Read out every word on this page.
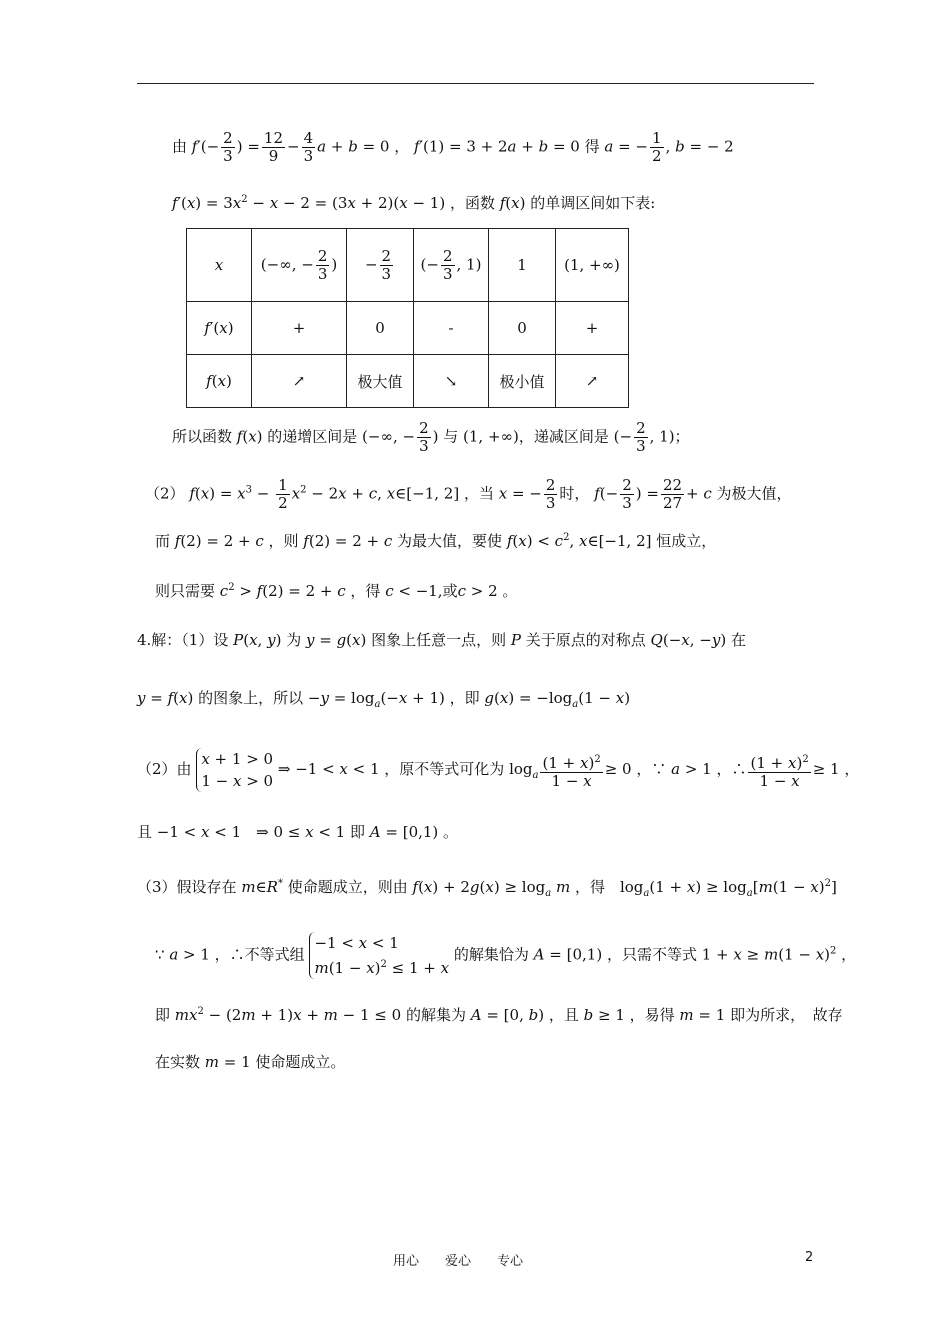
由 $f'(- \frac{2}{3}$ ) = $\frac{12}{9} - \frac{4}{3}$ a + b = 0 ， f′(1) = 3 + 2a + b = 0 得 a = − $\frac{1}{2}$ , b = − 2
$f'(x) = 3x^2 - x - 2 = (3x + 2)(x - 1)$ ，函数 f(x) 的单调区间如下表:
x	(−∞, − $\frac{2}{3}$ )	− $\frac{2}{3}$	(− $\frac{2}{3}$ , 1)	1	(1, +∞)
f′(x)	+	0	-	0	+
f(x)	↗	极大值	↘	极小值	↗
所以函数 f(x) 的递增区间是 (−∞, − $\frac{2}{3}$ ) 与 (1, +∞)，递减区间是 (− $\frac{2}{3}$ , 1)；
（2） $f(x) = x^3 - \frac{1}{2} x^2 - 2x + c$, x∈[−1, 2] ，当 x = − $\frac{2}{3}$ 时， $f(- \frac{2}{3}$ ) = $\frac{22}{27} + c$ 为极大值，
而 f(2) = 2 + c ，则 f(2) = 2 + c 为最大值，要使 $f(x) < c^2$, x∈[−1, 2] 恒成立，
则只需要 $c^2 > f(2) = 2 + c$ ，得 c < −1,或c > 2 。
4.解：（1）设 P(x, y) 为 y = g(x) 图象上任意一点，则 P 关于原点的对称点 Q(−x, −y) 在
y = f(x) 的图象上，所以 $-y = \log_a(-x + 1)$ ，即 $g(x) = -\log_a(1 - x)$
（2）由 x + 1 > 0
1 − x > 0 ⇒ −1 < x < 1 ，原不等式可化为 $\log_a \frac{(1 + x)^2}{1 - x} \ge 0$ ，∵ a > 1 ，∴ $\frac{(1 + x)^2}{1 - x} \ge 1$ ，
且 −1 < x < 1　⇒ 0 ≤ x < 1 即 A = [0,1) 。
（3）假设存在 m∈R* 使命题成立，则由 $f(x) + 2g(x) \ge \log_a m$ ，得　$\log_a(1 + x) \ge \log_a[m(1 - x)^2]$
∵ a > 1 ，∴不等式组 −1 < x < 1
$m(1 - x)^2 \le 1 + x$ 的解集恰为 A = [0,1) ，只需不等式 $1 + x \ge m(1 - x)^2$ ，
即 $mx^2 - (2m + 1)x + m - 1 \le 0$ 的解集为 A = [0, b) ，且 b ≥ 1 ，易得 m = 1 即为所求，　故存
在实数 m = 1 使命题成立。
用心　　爱心　　专心	2
